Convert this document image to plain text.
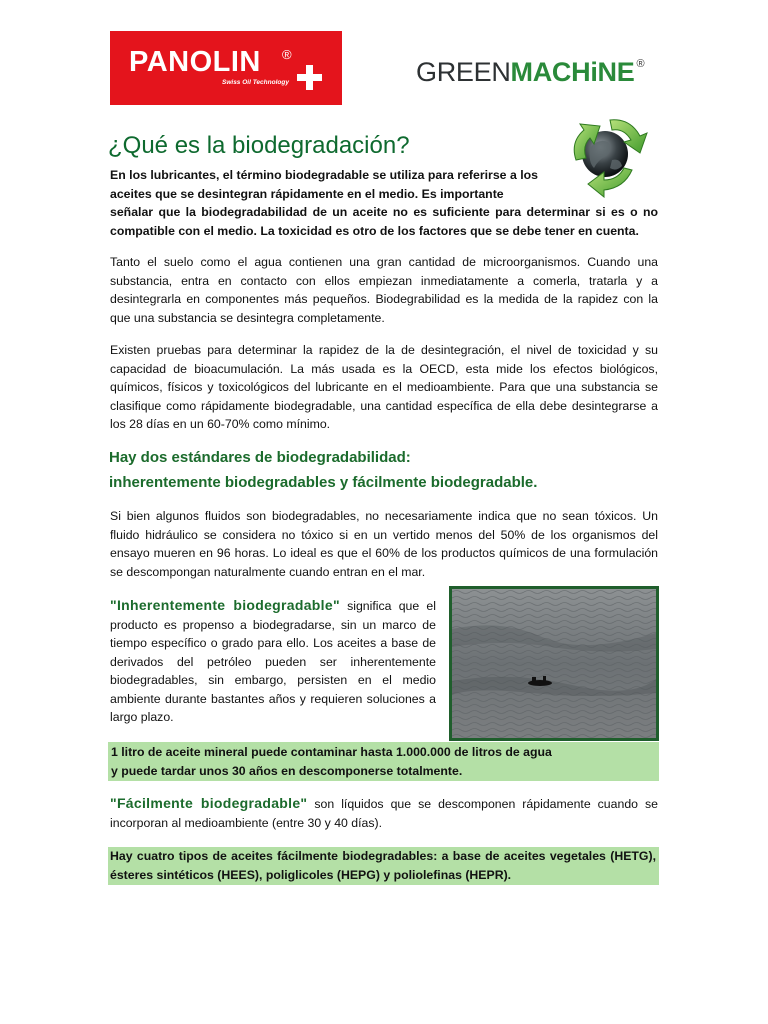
PANOLIN ®
Swiss Oil Technology	GREENMACHiNE ®
¿Qué es la biodegradación?

En los lubricantes, el término biodegradable se utiliza para referirse a los aceites que se desintegran rápidamente en el medio. Es importante

señalar que la biodegradabilidad de un aceite no es suficiente para determinar si es o no compatible con el medio. La toxicidad es otro de los factores que se debe tener en cuenta.

Tanto el suelo como el agua contienen una gran cantidad de microorganismos. Cuando una substancia, entra en contacto con ellos empiezan inmediatamente a comerla, tratarla y a desintegrarla en componentes más pequeños. Biodegrabilidad es la medida de la rapidez con la que una substancia se desintegra completamente.

Existen pruebas para determinar la rapidez de la de desintegración, el nivel de toxicidad y su capacidad de bioacumulación. La más usada es la OECD, esta mide los efectos biológicos, químicos, físicos y toxicológicos del lubricante en el medioambiente. Para que una substancia se clasifique como rápidamente biodegradable, una cantidad específica de ella debe desintegrarse a los 28 días en un 60-70% como mínimo.

Hay dos estándares de biodegradabilidad:
inherentemente biodegradables y fácilmente biodegradable.

Si bien algunos fluidos son biodegradables, no necesariamente indica que no sean tóxicos. Un fluido hidráulico se considera no tóxico si en un vertido menos del 50% de los organismos del ensayo mueren en 96 horas. Lo ideal es que el 60% de los productos químicos de una formulación se descompongan naturalmente cuando entran en el mar.

"Inherentemente biodegradable" significa que el producto es propenso a biodegradarse, sin un marco de tiempo específico o grado para ello. Los aceites a base de derivados del petróleo pueden ser inherentemente biodegradables, sin embargo, persisten en el medio ambiente durante bastantes años y requieren soluciones a largo plazo.

1 litro de aceite mineral puede contaminar hasta 1.000.000 de litros de agua

y puede tardar unos 30 años en descomponerse totalmente.

"Fácilmente biodegradable" son líquidos que se descomponen rápidamente cuando se incorporan al medioambiente (entre 30 y 40 días).

Hay cuatro tipos de aceites fácilmente biodegradables: a base de aceites vegetales (HETG), ésteres sintéticos (HEES), poliglicoles (HEPG) y poliolefinas (HEPR).
